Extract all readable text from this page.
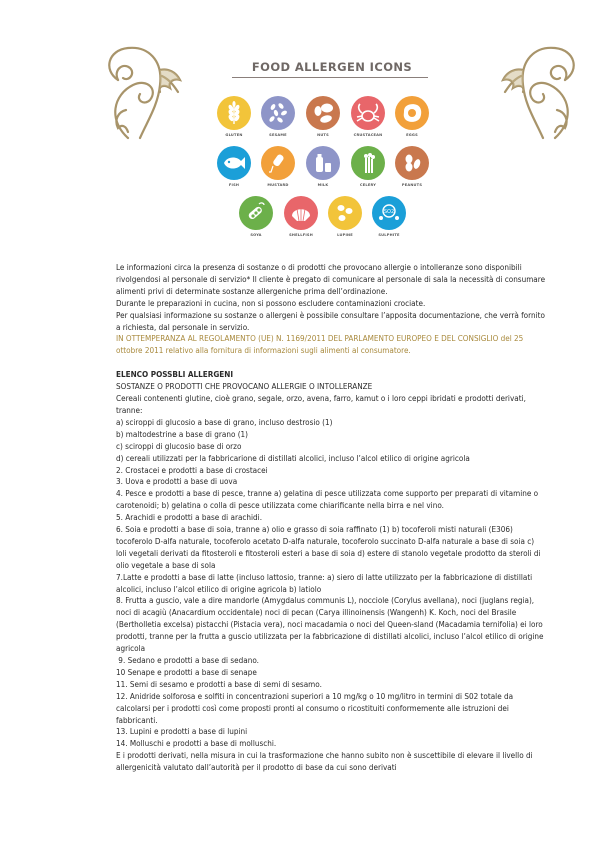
FOOD ALLERGEN ICONS
GLUTEN	SESAME	NUTS	CRUSTACEAN	EGGS
FISH	MUSTARD	MILK	CELERY	PEANUTS
SOYA	SHELLFISH	LUPINE
SO2
SULPHITE

Le informazioni circa la presenza di sostanze o di prodotti che provocano allergie o intolleranze sono disponibili rivolgendosi al personale di servizio* Il cliente è pregato di comunicare al personale di sala la necessità di consumare alimenti privi di determinate sostanze allergeniche prima dell’ordinazione.

Durante le preparazioni in cucina, non si possono escludere contaminazioni crociate.

Per qualsiasi informazione su sostanze o allergeni è possibile consultare l’apposita documentazione, che verrà fornito a richiesta, dal personale in servizio.

IN OTTEMPERANZA AL REGOLAMENTO (UE) N. 1169/2011 DEL PARLAMENTO EUROPEO E DEL CONSIGLIO del 25 ottobre 2011 relativo alla fornitura di informazioni sugli alimenti al consumatore.

ELENCO POSSBLI ALLERGENI

SOSTANZE O PRODOTTI CHE PROVOCANO ALLERGIE O INTOLLERANZE

Cereali contenenti glutine, cioè grano, segale, orzo, avena, farro, kamut o i loro ceppi ibridati e prodotti derivati, tranne:

a) sciroppi di glucosio a base di grano, incluso destrosio (1)

b) maltodestrine a base di grano (1)

c) sciroppi di glucosio base di orzo

d) cereali utilizzati per la fabbricarione di distillati alcolici, incluso l’alcol etilico di origine agricola

2. Crostacei e prodotti a base di crostacei

3. Uova e prodotti a base di uova

4. Pesce e prodotti a base di pesce, tranne a) gelatina di pesce utilizzata come supporto per preparati di vitamine o carotenoidi; b) gelatina o colla di pesce utilizzata come chiarificante nella birra e nel vino.

5. Arachidi e prodotti a base di arachidi.

6. Soia e prodotti a base di soia, tranne a) olio e grasso di soia raffinato (1) b) tocoferoli misti naturali (E306) tocoferolo D-alfa naturale, tocoferolo acetato D-alfa naturale, tocoferolo succinato D-alfa naturale a base di soia c) loli vegetali derivati da fitosteroli e fitosteroli esteri a base di soia d) estere di stanolo vegetale prodotto da steroli di olio vegetale a base di sola

7.Latte e prodotti a base di latte (incluso lattosio, tranne: a) siero di latte utilizzato per la fabbricazione di distillati alcolici, incluso l’alcol etilico di origine agricola b) latiolo

8. Frutta a guscio, vale a dire mandorle (Amygdalus communis L), nocciole (Corylus avellana), noci (juglans regia), noci di acagiù (Anacardium occidentale) noci di pecan (Carya illinoinensis (Wangenh) K. Koch, noci del Brasile (Bertholletia excelsa) pistacchi (Pistacia vera), noci macadamia o noci del Queen-sland (Macadamia ternifolia) ei loro prodotti, tranne per la frutta a guscio utilizzata per la fabbricazione di distillati alcolici, incluso l’alcol etilico di origine agricola

9. Sedano e prodotti a base di sedano.

10 Senape e prodotti a base di senape

11. Semi di sesamo e prodotti a base di semi di sesamo.

12. Anidride solforosa e solfiti in concentrazioni superiori a 10 mg/kg o 10 mg/litro in termini di S02 totale da calcolarsi per i prodotti così come proposti pronti al consumo o ricostituiti conformemente alle istruzioni dei fabbricanti.

13. Lupini e prodotti a base di lupini

14. Molluschi e prodotti a base di molluschi.

E i prodotti derivati, nella misura in cui la trasformazione che hanno subito non è suscettibile di elevare il livello di allergenicità valutato dall’autorità per il prodotto di base da cui sono derivati
